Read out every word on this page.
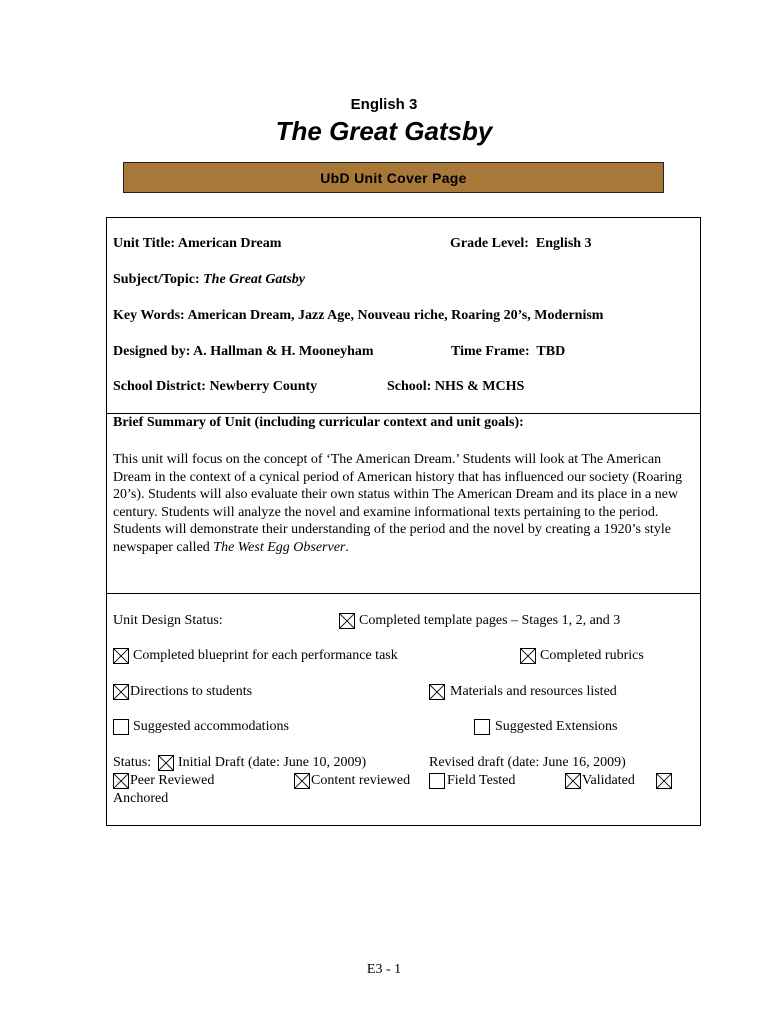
English 3
The Great Gatsby
UbD Unit Cover Page
Unit Title: American Dream	Grade Level: English 3
Subject/Topic: The Great Gatsby
Key Words: American Dream, Jazz Age, Nouveau riche, Roaring 20’s, Modernism
Designed by: A. Hallman & H. Mooneyham	Time Frame: TBD
School District: Newberry County	School: NHS & MCHS
Brief Summary of Unit (including curricular context and unit goals):
This unit will focus on the concept of ‘The American Dream.’ Students will look at The American Dream in the context of a cynical period of American history that has influenced our society (Roaring 20’s). Students will also evaluate their own status within The American Dream and its place in a new century. Students will analyze the novel and examine informational texts pertaining to the period. Students will demonstrate their understanding of the period and the novel by creating a 1920’s style newspaper called The West Egg Observer.
Unit Design Status:	Completed template pages – Stages 1, 2, and 3
Completed blueprint for each performance task	Completed rubrics
Directions to students	Materials and resources listed
Suggested accommodations	Suggested Extensions
Status: Initial Draft (date: June 10, 2009)	Revised draft (date: June 16, 2009)
Peer Reviewed	Content reviewed	Field Tested	Validated
Anchored
E3 - 1
